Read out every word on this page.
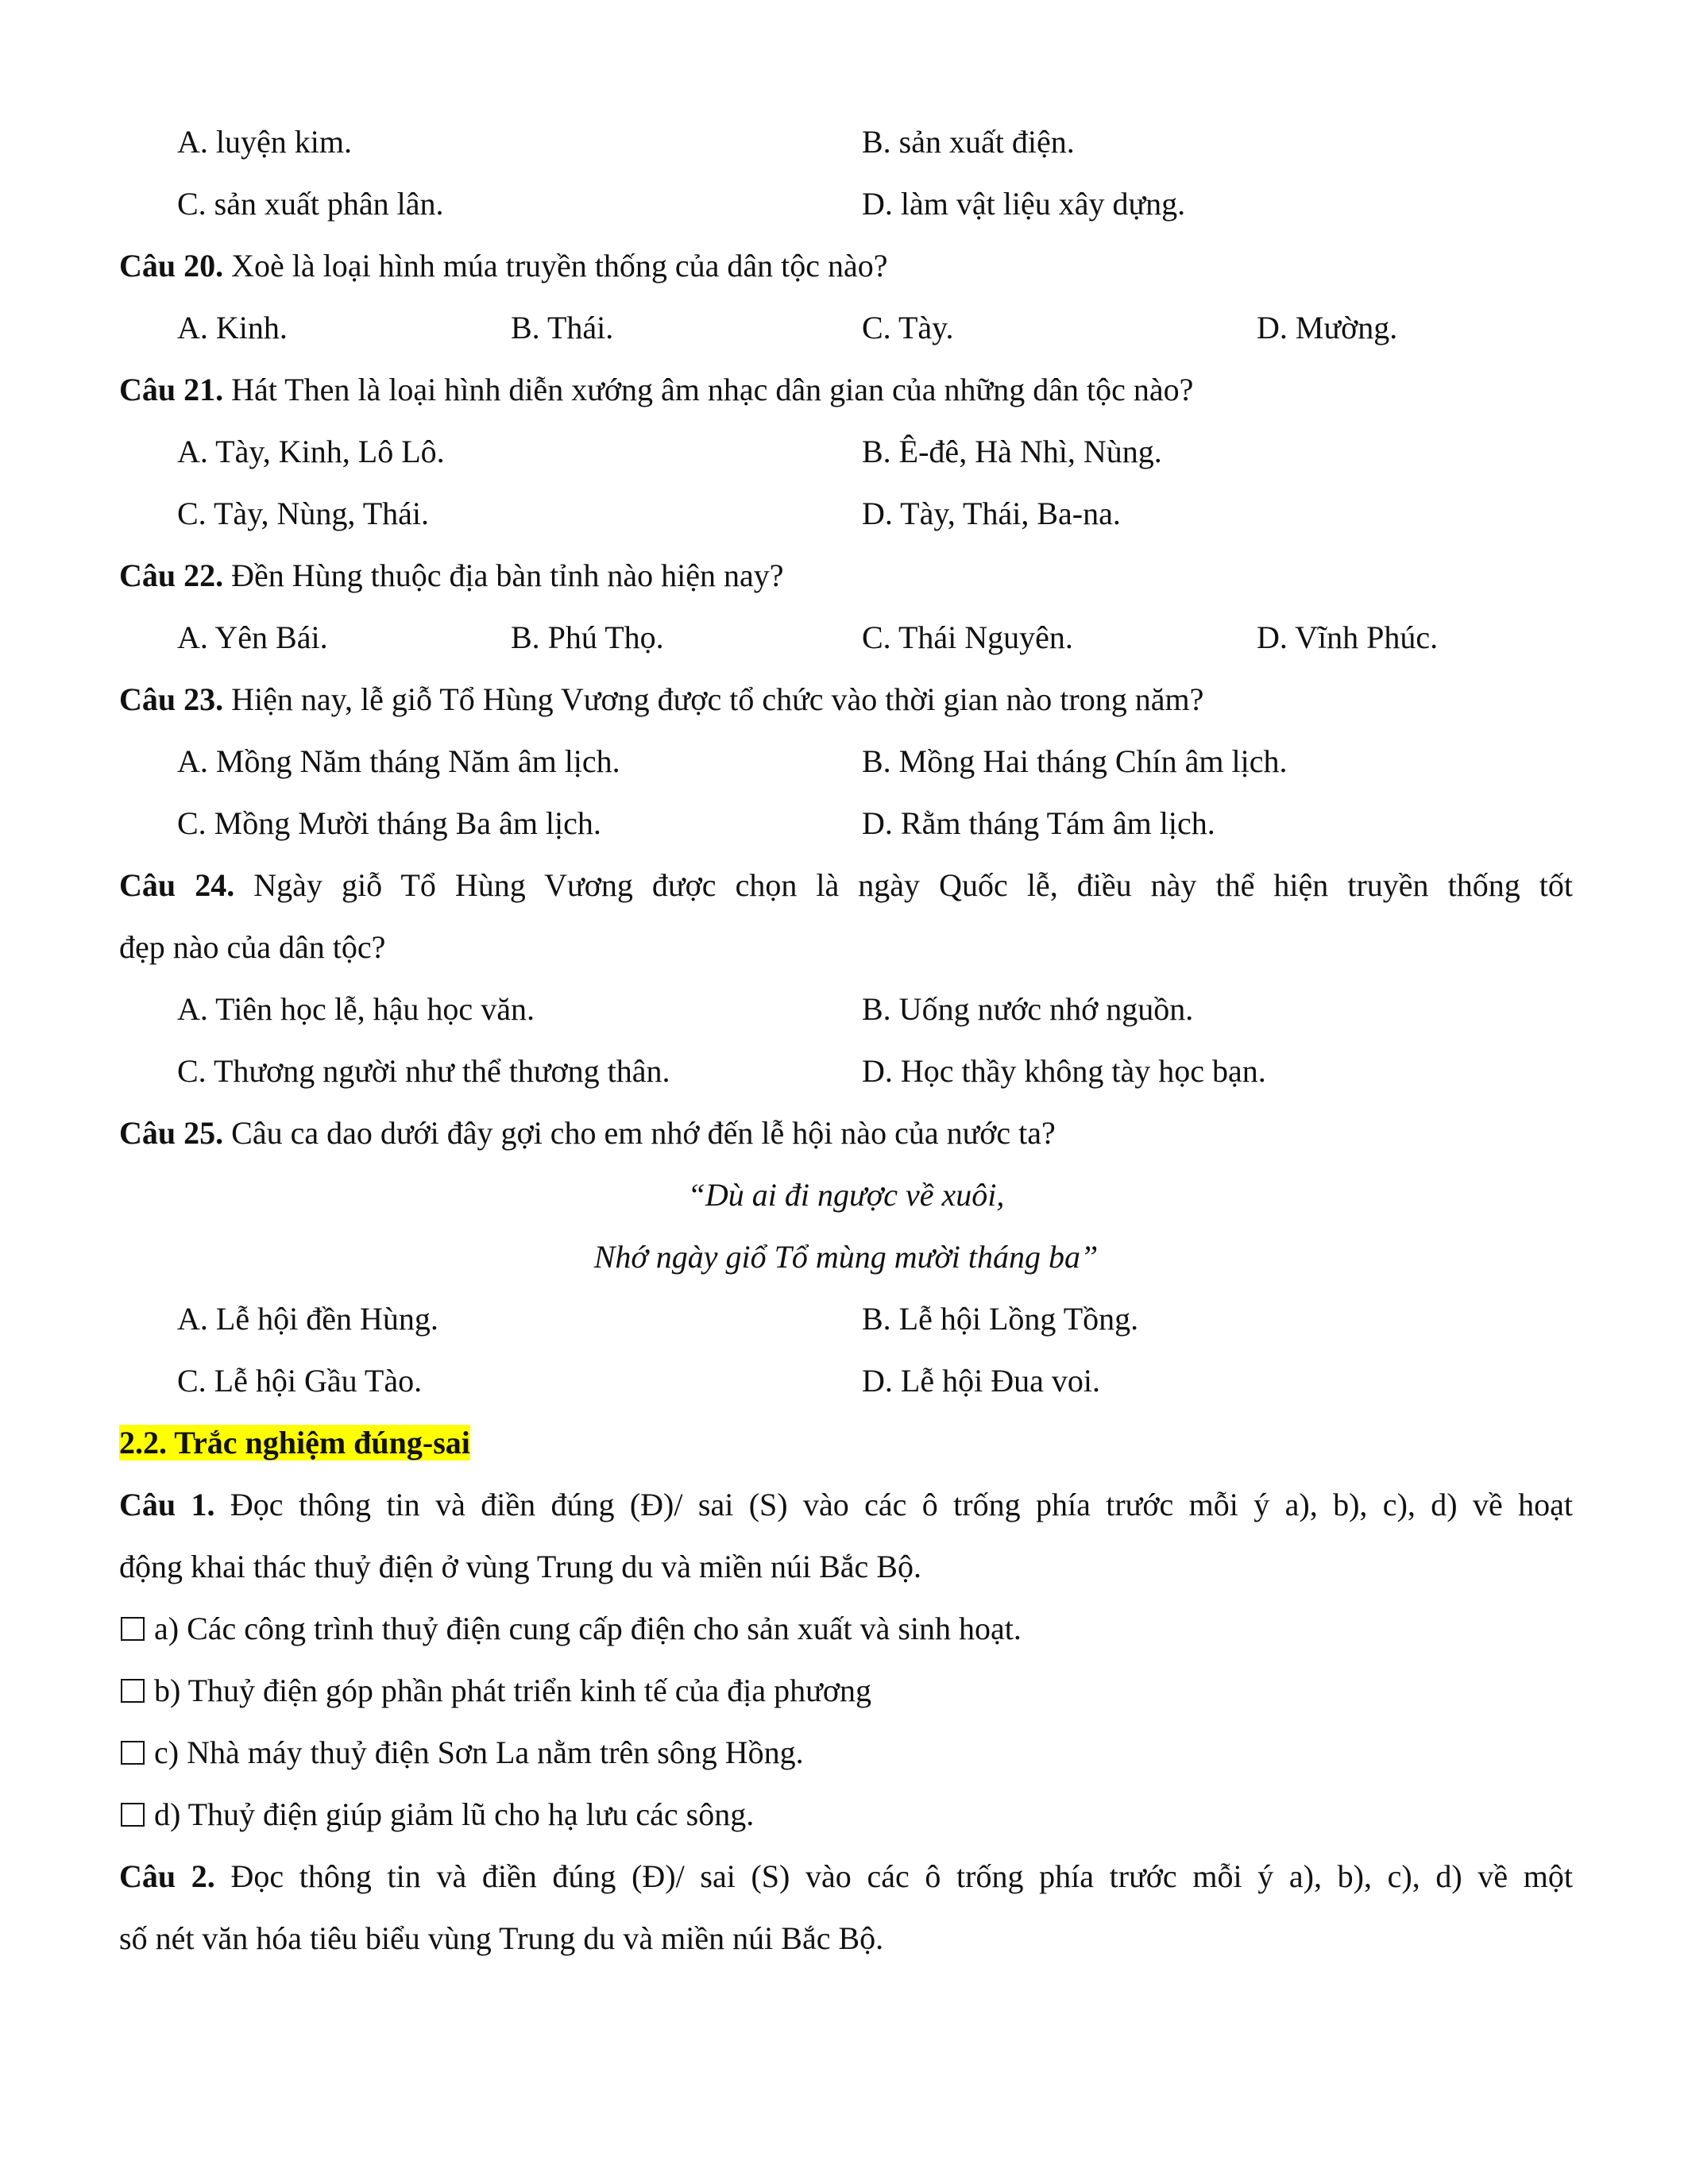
A. luyện kim.	B. sản xuất điện.
C. sản xuất phân lân.	D. làm vật liệu xây dựng.
Câu 20. Xoè là loại hình múa truyền thống của dân tộc nào?
A. Kinh.	B. Thái.	C. Tày.	D. Mường.
Câu 21. Hát Then là loại hình diễn xướng âm nhạc dân gian của những dân tộc nào?
A. Tày, Kinh, Lô Lô.	B. Ê-đê, Hà Nhì, Nùng.
C. Tày, Nùng, Thái.	D. Tày, Thái, Ba-na.
Câu 22. Đền Hùng thuộc địa bàn tỉnh nào hiện nay?
A. Yên Bái.	B. Phú Thọ.	C. Thái Nguyên.	D. Vĩnh Phúc.
Câu 23. Hiện nay, lễ giỗ Tổ Hùng Vương được tổ chức vào thời gian nào trong năm?
A. Mồng Năm tháng Năm âm lịch.	B. Mồng Hai tháng Chín âm lịch.
C. Mồng Mười tháng Ba âm lịch.	D. Rằm tháng Tám âm lịch.
Câu 24. Ngày giỗ Tổ Hùng Vương được chọn là ngày Quốc lễ, điều này thể hiện truyền thống tốt
đẹp nào của dân tộc?
A. Tiên học lễ, hậu học văn.	B. Uống nước nhớ nguồn.
C. Thương người như thể thương thân.	D. Học thầy không tày học bạn.
Câu 25. Câu ca dao dưới đây gợi cho em nhớ đến lễ hội nào của nước ta?
“Dù ai đi ngược về xuôi,
Nhớ ngày giổ Tổ mùng mười tháng ba”
A. Lễ hội đền Hùng.	B. Lễ hội Lồng Tồng.
C. Lễ hội Gầu Tào.	D. Lễ hội Đua voi.
2.2. Trắc nghiệm đúng-sai
Câu 1. Đọc thông tin và điền đúng (Đ)/ sai (S) vào các ô trống phía trước mỗi ý a), b), c), d) về hoạt
động khai thác thuỷ điện ở vùng Trung du và miền núi Bắc Bộ.
a) Các công trình thuỷ điện cung cấp điện cho sản xuất và sinh hoạt.
b) Thuỷ điện góp phần phát triển kinh tế của địa phương
c) Nhà máy thuỷ điện Sơn La nằm trên sông Hồng.
d) Thuỷ điện giúp giảm lũ cho hạ lưu các sông.
Câu 2. Đọc thông tin và điền đúng (Đ)/ sai (S) vào các ô trống phía trước mỗi ý a), b), c), d) về một
số nét văn hóa tiêu biểu vùng Trung du và miền núi Bắc Bộ.
